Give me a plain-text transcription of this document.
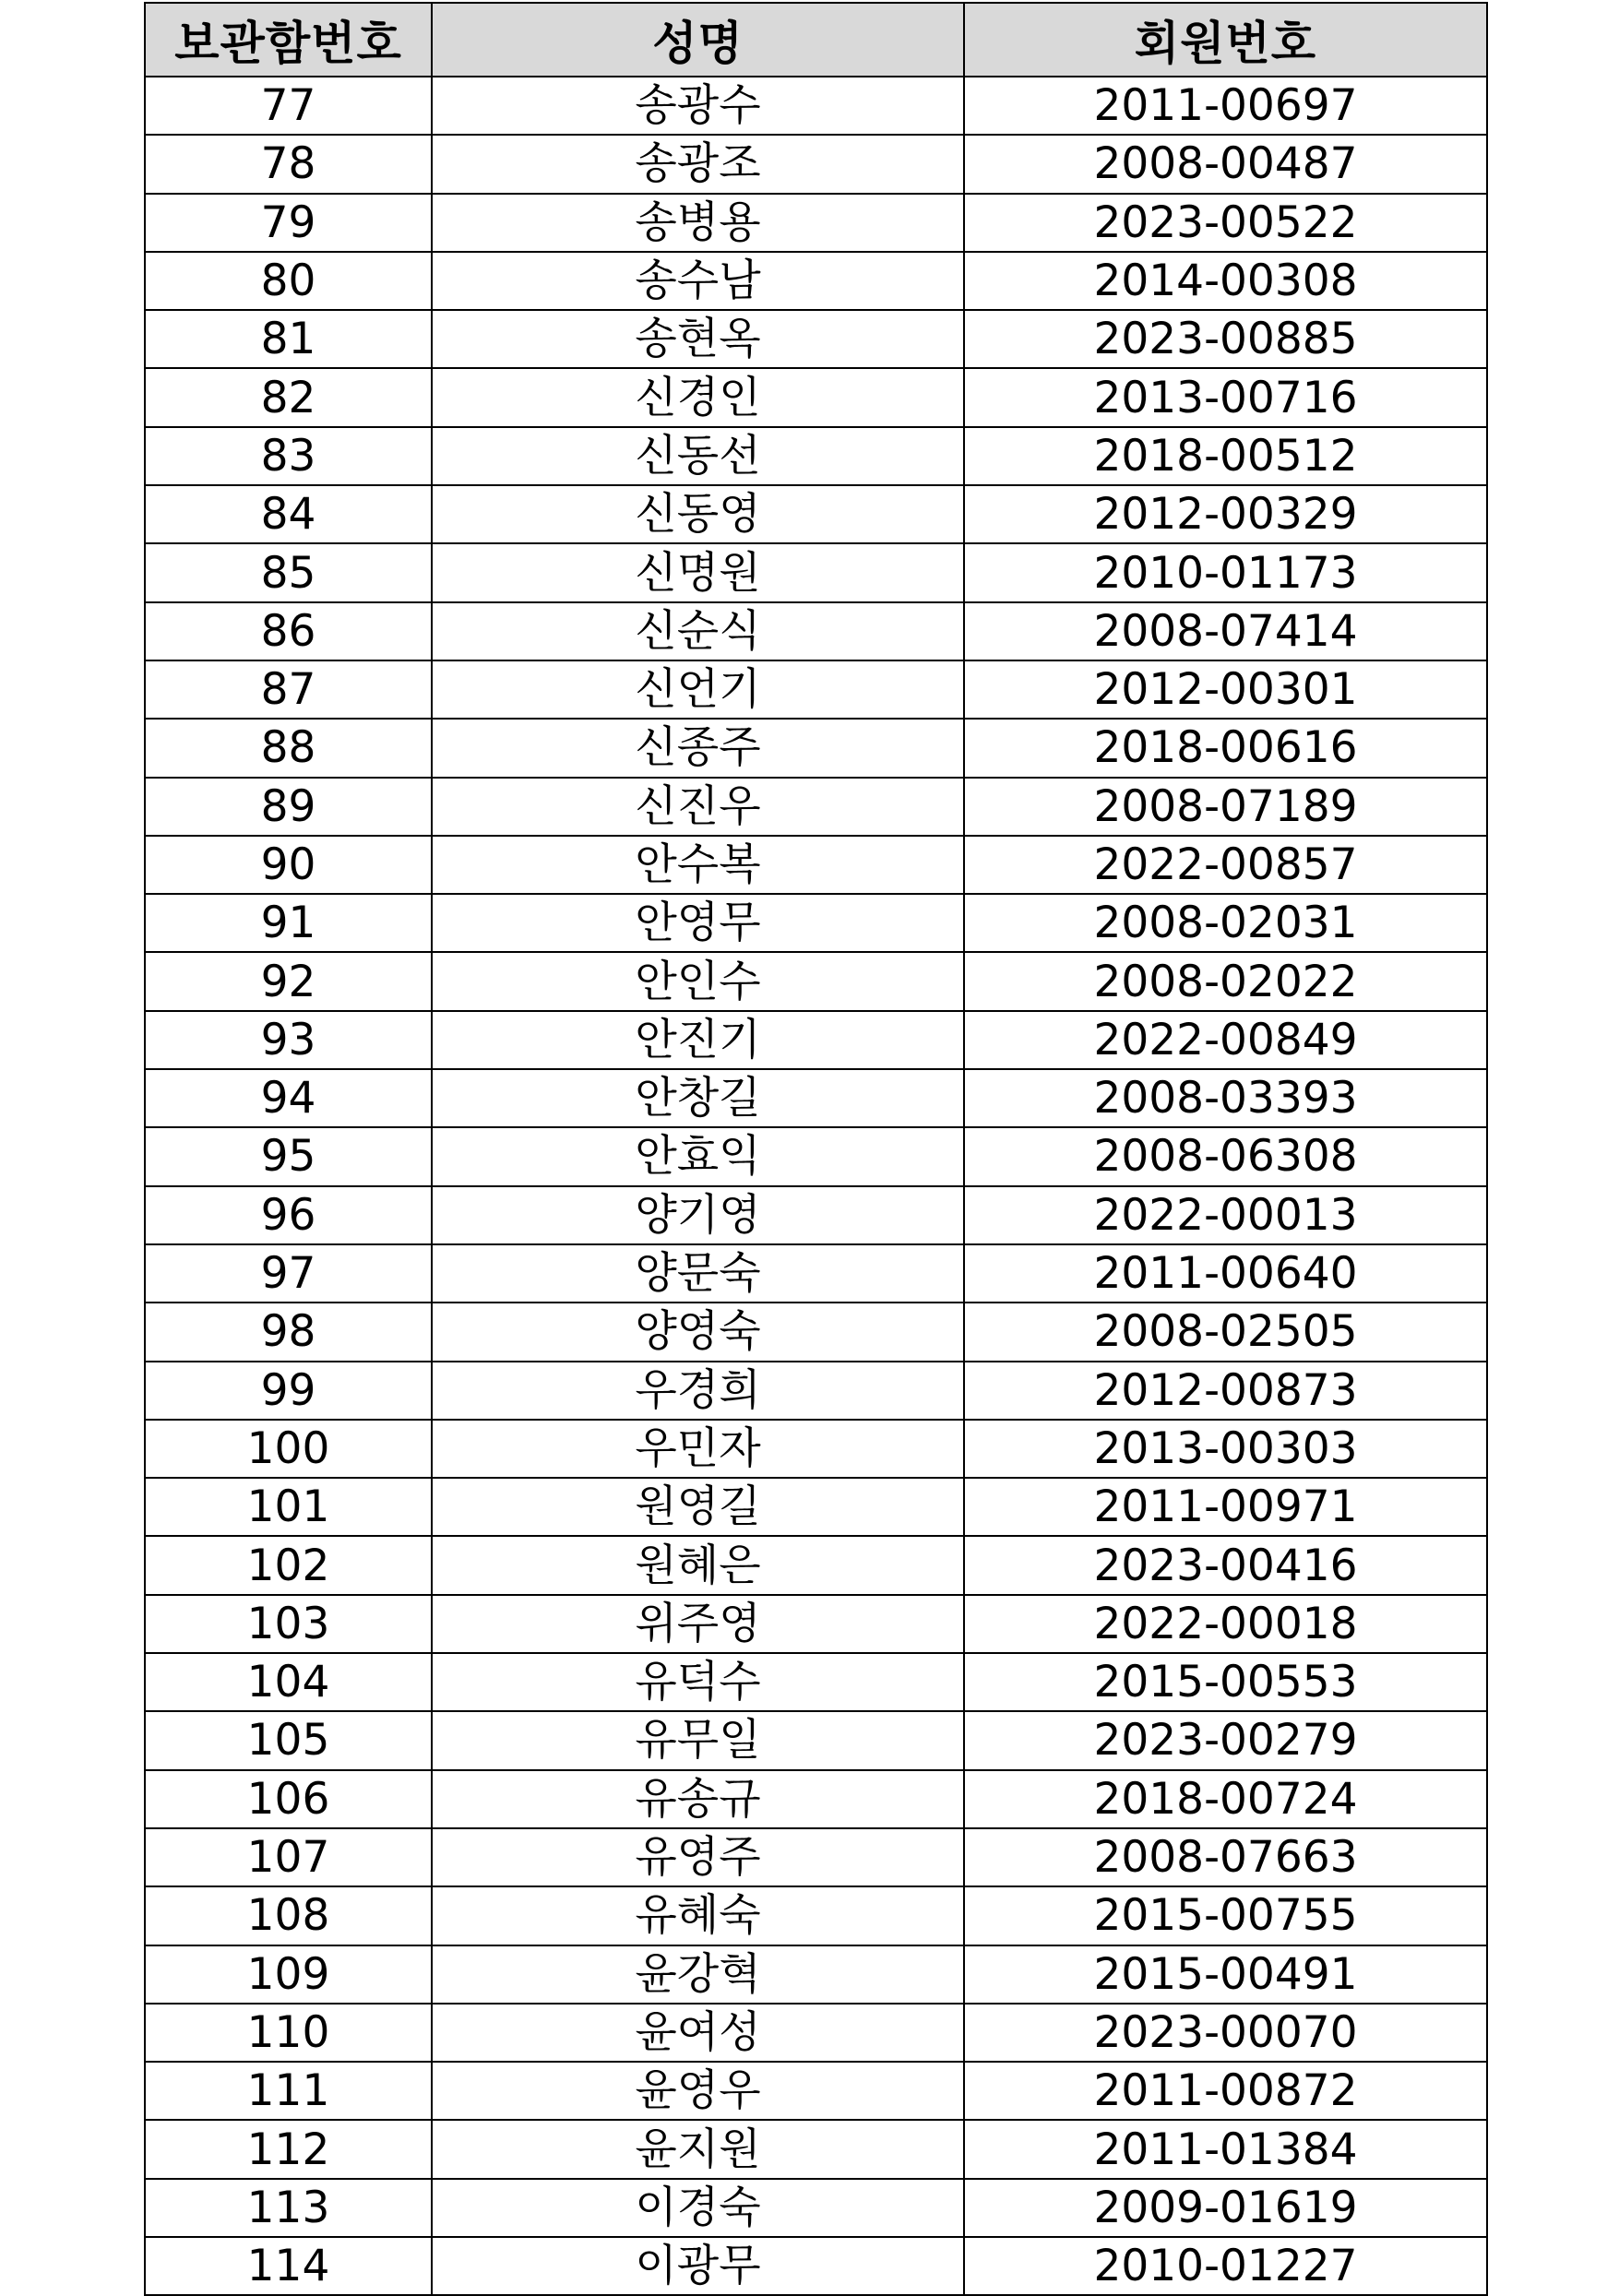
보관함번호	성명	회원번호
77	송광수	2011-00697
78	송광조	2008-00487
79	송병용	2023-00522
80	송수남	2014-00308
81	송현옥	2023-00885
82	신경인	2013-00716
83	신동선	2018-00512
84	신동영	2012-00329
85	신명원	2010-01173
86	신순식	2008-07414
87	신언기	2012-00301
88	신종주	2018-00616
89	신진우	2008-07189
90	안수복	2022-00857
91	안영무	2008-02031
92	안인수	2008-02022
93	안진기	2022-00849
94	안창길	2008-03393
95	안효익	2008-06308
96	양기영	2022-00013
97	양문숙	2011-00640
98	양영숙	2008-02505
99	우경희	2012-00873
100	우민자	2013-00303
101	원영길	2011-00971
102	원혜은	2023-00416
103	위주영	2022-00018
104	유덕수	2015-00553
105	유무일	2023-00279
106	유송규	2018-00724
107	유영주	2008-07663
108	유혜숙	2015-00755
109	윤강혁	2015-00491
110	윤여성	2023-00070
111	윤영우	2011-00872
112	윤지원	2011-01384
113	이경숙	2009-01619
114	이광무	2010-01227
